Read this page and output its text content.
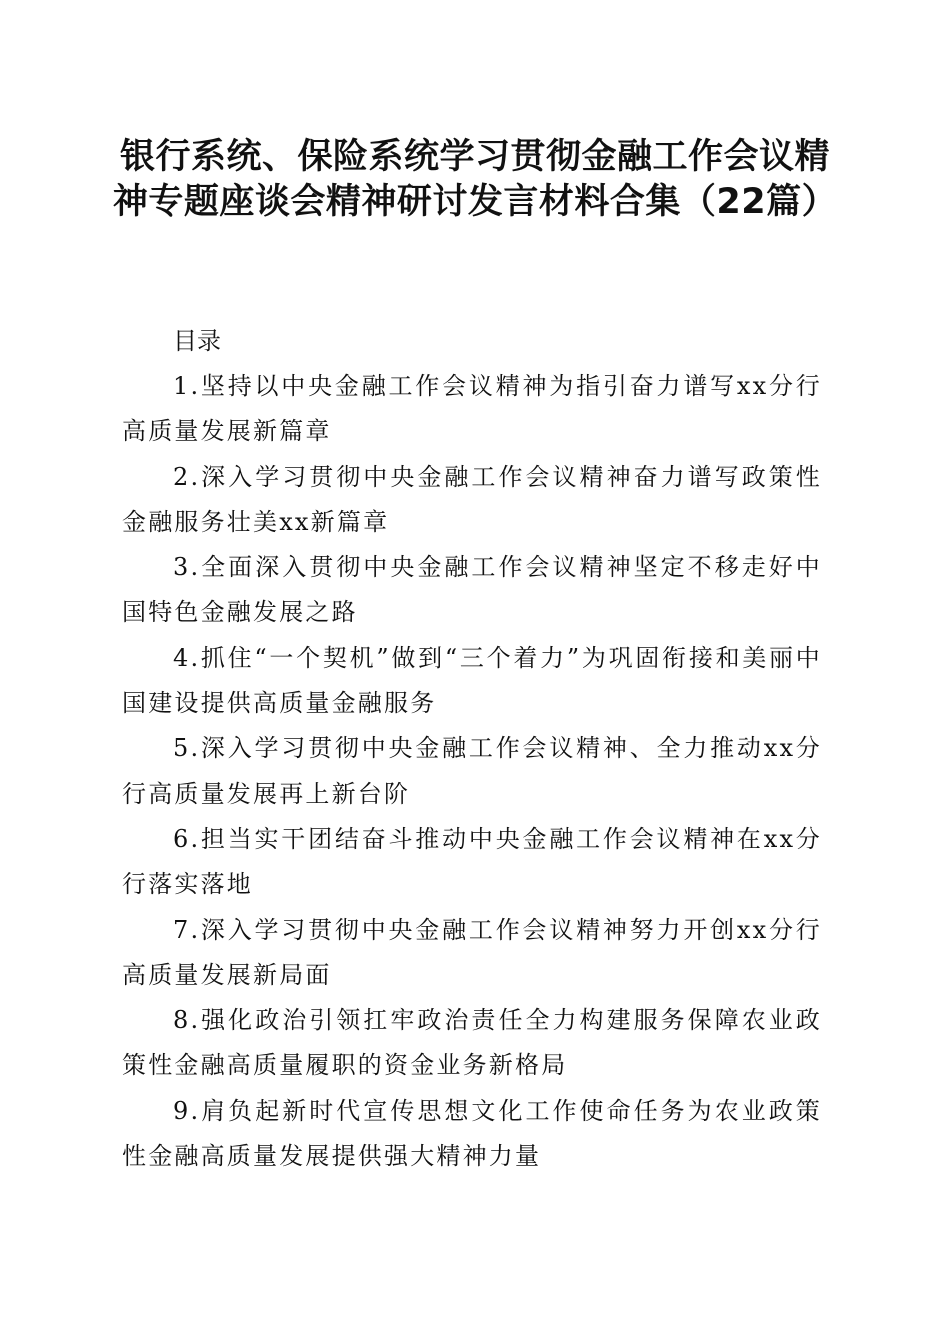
银行系统、保险系统学习贯彻金融工作会议精神专题座谈会精神研讨发言材料合集（22篇）

目录

1.坚持以中央金融工作会议精神为指引奋力谱写xx分行高质量发展新篇章

2.深入学习贯彻中央金融工作会议精神奋力谱写政策性金融服务壮美xx新篇章

3.全面深入贯彻中央金融工作会议精神坚定不移走好中国特色金融发展之路

4.抓住“一个契机”做到“三个着力”为巩固衔接和美丽中国建设提供高质量金融服务

5.深入学习贯彻中央金融工作会议精神、全力推动xx分行高质量发展再上新台阶

6.担当实干团结奋斗推动中央金融工作会议精神在xx分行落实落地

7.深入学习贯彻中央金融工作会议精神努力开创xx分行高质量发展新局面

8.强化政治引领扛牢政治责任全力构建服务保障农业政策性金融高质量履职的资金业务新格局

9.肩负起新时代宣传思想文化工作使命任务为农业政策性金融高质量发展提供强大精神力量
